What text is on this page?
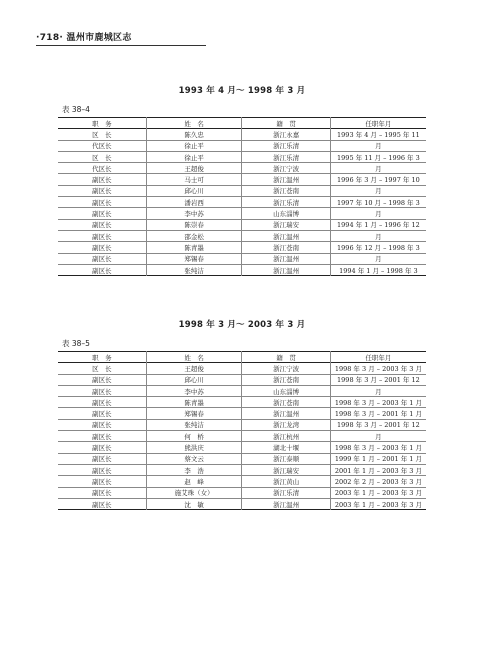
·718· 温州市鹿城区志
1993 年 4 月～ 1998 年 3 月
表 38–4
职　务	姓　名	籍　贯	任职年月
区　长	陈久忠	浙江永嘉	1993 年 4 月 – 1995 年 11
代区长	徐止平	浙江乐清	月
区　长	徐止平	浙江乐清	1995 年 11 月 – 1996 年 3
代区长	王超俊	浙江宁波	月
副区长	马士可	浙江温州	1996 年 3 月 – 1997 年 10
副区长	邱心川	浙江苍南	月
副区长	潘岩西	浙江乐清	1997 年 10 月 – 1998 年 3
副区长	李中苏	山东淄博	月
副区长	陈崇春	浙江瑞安	1994 年 1 月 – 1996 年 12
副区长	邵金松	浙江温州	月
副区长	陈青墨	浙江苍南	1996 年 12 月 – 1998 年 3
副区长	郑锡春	浙江温州	月
副区长	张纯洁	浙江温州	1994 年 1 月 – 1998 年 3
1998 年 3 月～ 2003 年 3 月
表 38–5
职　务	姓　名	籍　贯	任职年月
区　长	王超俊	浙江宁波	1998 年 3 月 – 2003 年 3 月
副区长	邱心川	浙江苍南	1998 年 3 月 – 2001 年 12
副区长	李中苏	山东淄博	月
副区长	陈青墨	浙江苍南	1998 年 3 月 – 2003 年 1 月
副区长	郑锡春	浙江温州	1998 年 3 月 – 2001 年 1 月
副区长	张纯洁	浙江龙湾	1998 年 3 月 – 2001 年 12
副区长	何　桥	浙江杭州	月
副区长	熊洪庆	湖北十堰	1998 年 3 月 – 2003 年 1 月
副区长	蔡文云	浙江泰顺	1999 年 1 月 – 2001 年 1 月
副区长	李　浩	浙江瑞安	2001 年 1 月 – 2003 年 3 月
副区长	赵　峰	浙江黄山	2002 年 2 月 – 2003 年 3 月
副区长	施艾珠（女）	浙江乐清	2003 年 1 月 – 2003 年 3 月
副区长	沈　敏	浙江温州	2003 年 1 月 – 2003 年 3 月
